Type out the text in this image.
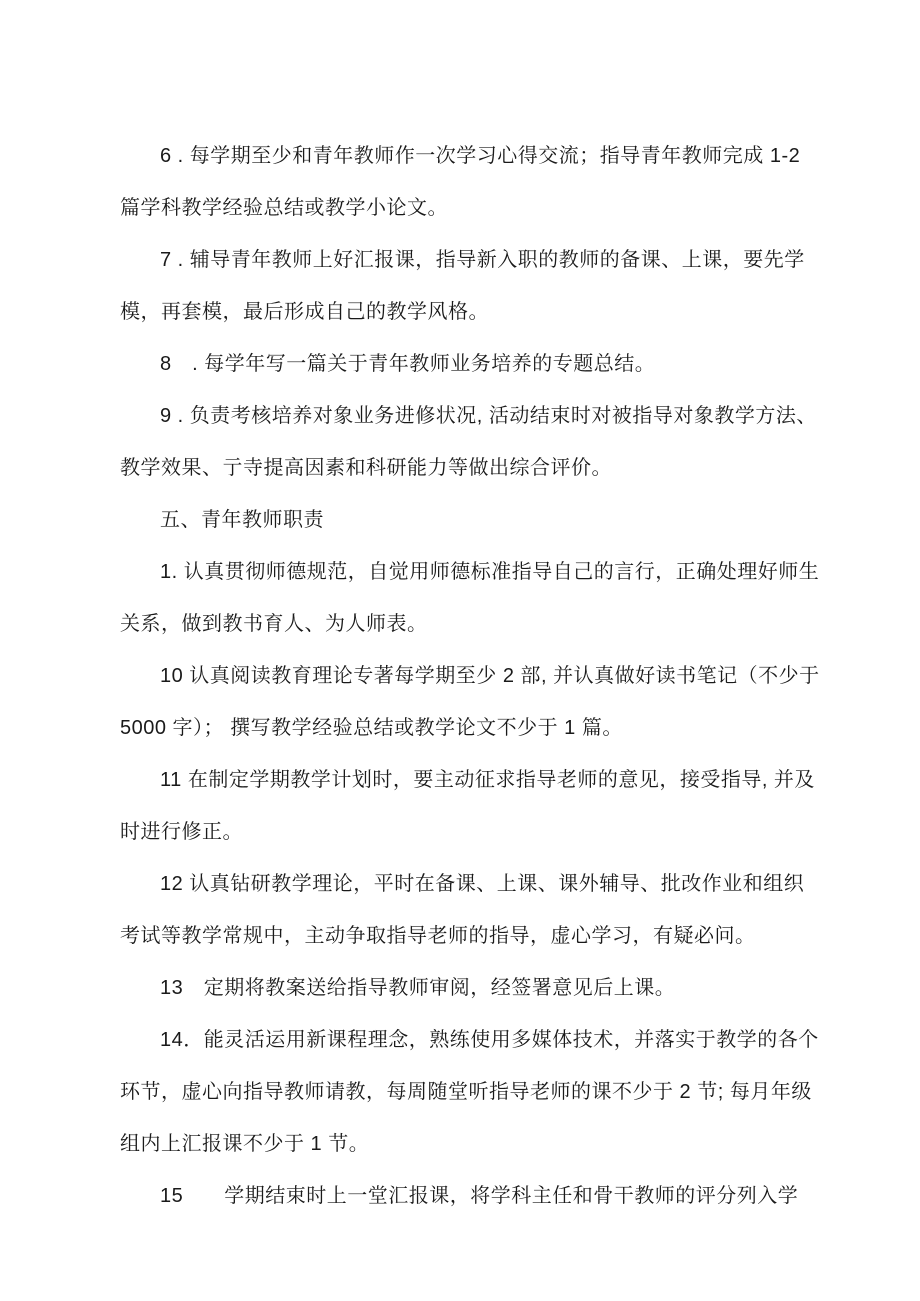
6 . 每学期至少和青年教师作一次学习心得交流；指导青年教师完成 1-2
篇学科教学经验总结或教学小论文。

7 . 辅导青年教师上好汇报课，指导新入职的教师的备课、上课，要先学
模，再套模，最后形成自己的教学风格。

8　. 每学年写一篇关于青年教师业务培养的专题总结。

9 . 负责考核培养对象业务进修状况, 活动结束时对被指导对象教学方法、
教学效果、亍寺提高因素和科研能力等做出综合评价。

五、青年教师职责

1. 认真贯彻师德规范，自觉用师德标准指导自己的言行，正确处理好师生
关系，做到教书育人、为人师表。

10 认真阅读教育理论专著每学期至少 2 部, 并认真做好读书笔记（不少于
5000 字）； 撰写教学经验总结或教学论文不少于 1 篇。

11 在制定学期教学计划时，要主动征求指导老师的意见，接受指导, 并及
时进行修正。

12 认真钻研教学理论，平时在备课、上课、课外辅导、批改作业和组织
考试等教学常规中，主动争取指导老师的指导，虚心学习，有疑必问。

13　定期将教案送给指导教师审阅，经签署意见后上课。

14．能灵活运用新课程理念，熟练使用多媒体技术，并落实于教学的各个
环节，虚心向指导教师请教，每周随堂听指导老师的课不少于 2 节; 每月年级
组内上汇报课不少于 1 节。

15　　学期结束时上一堂汇报课，将学科主任和骨干教师的评分列入学
